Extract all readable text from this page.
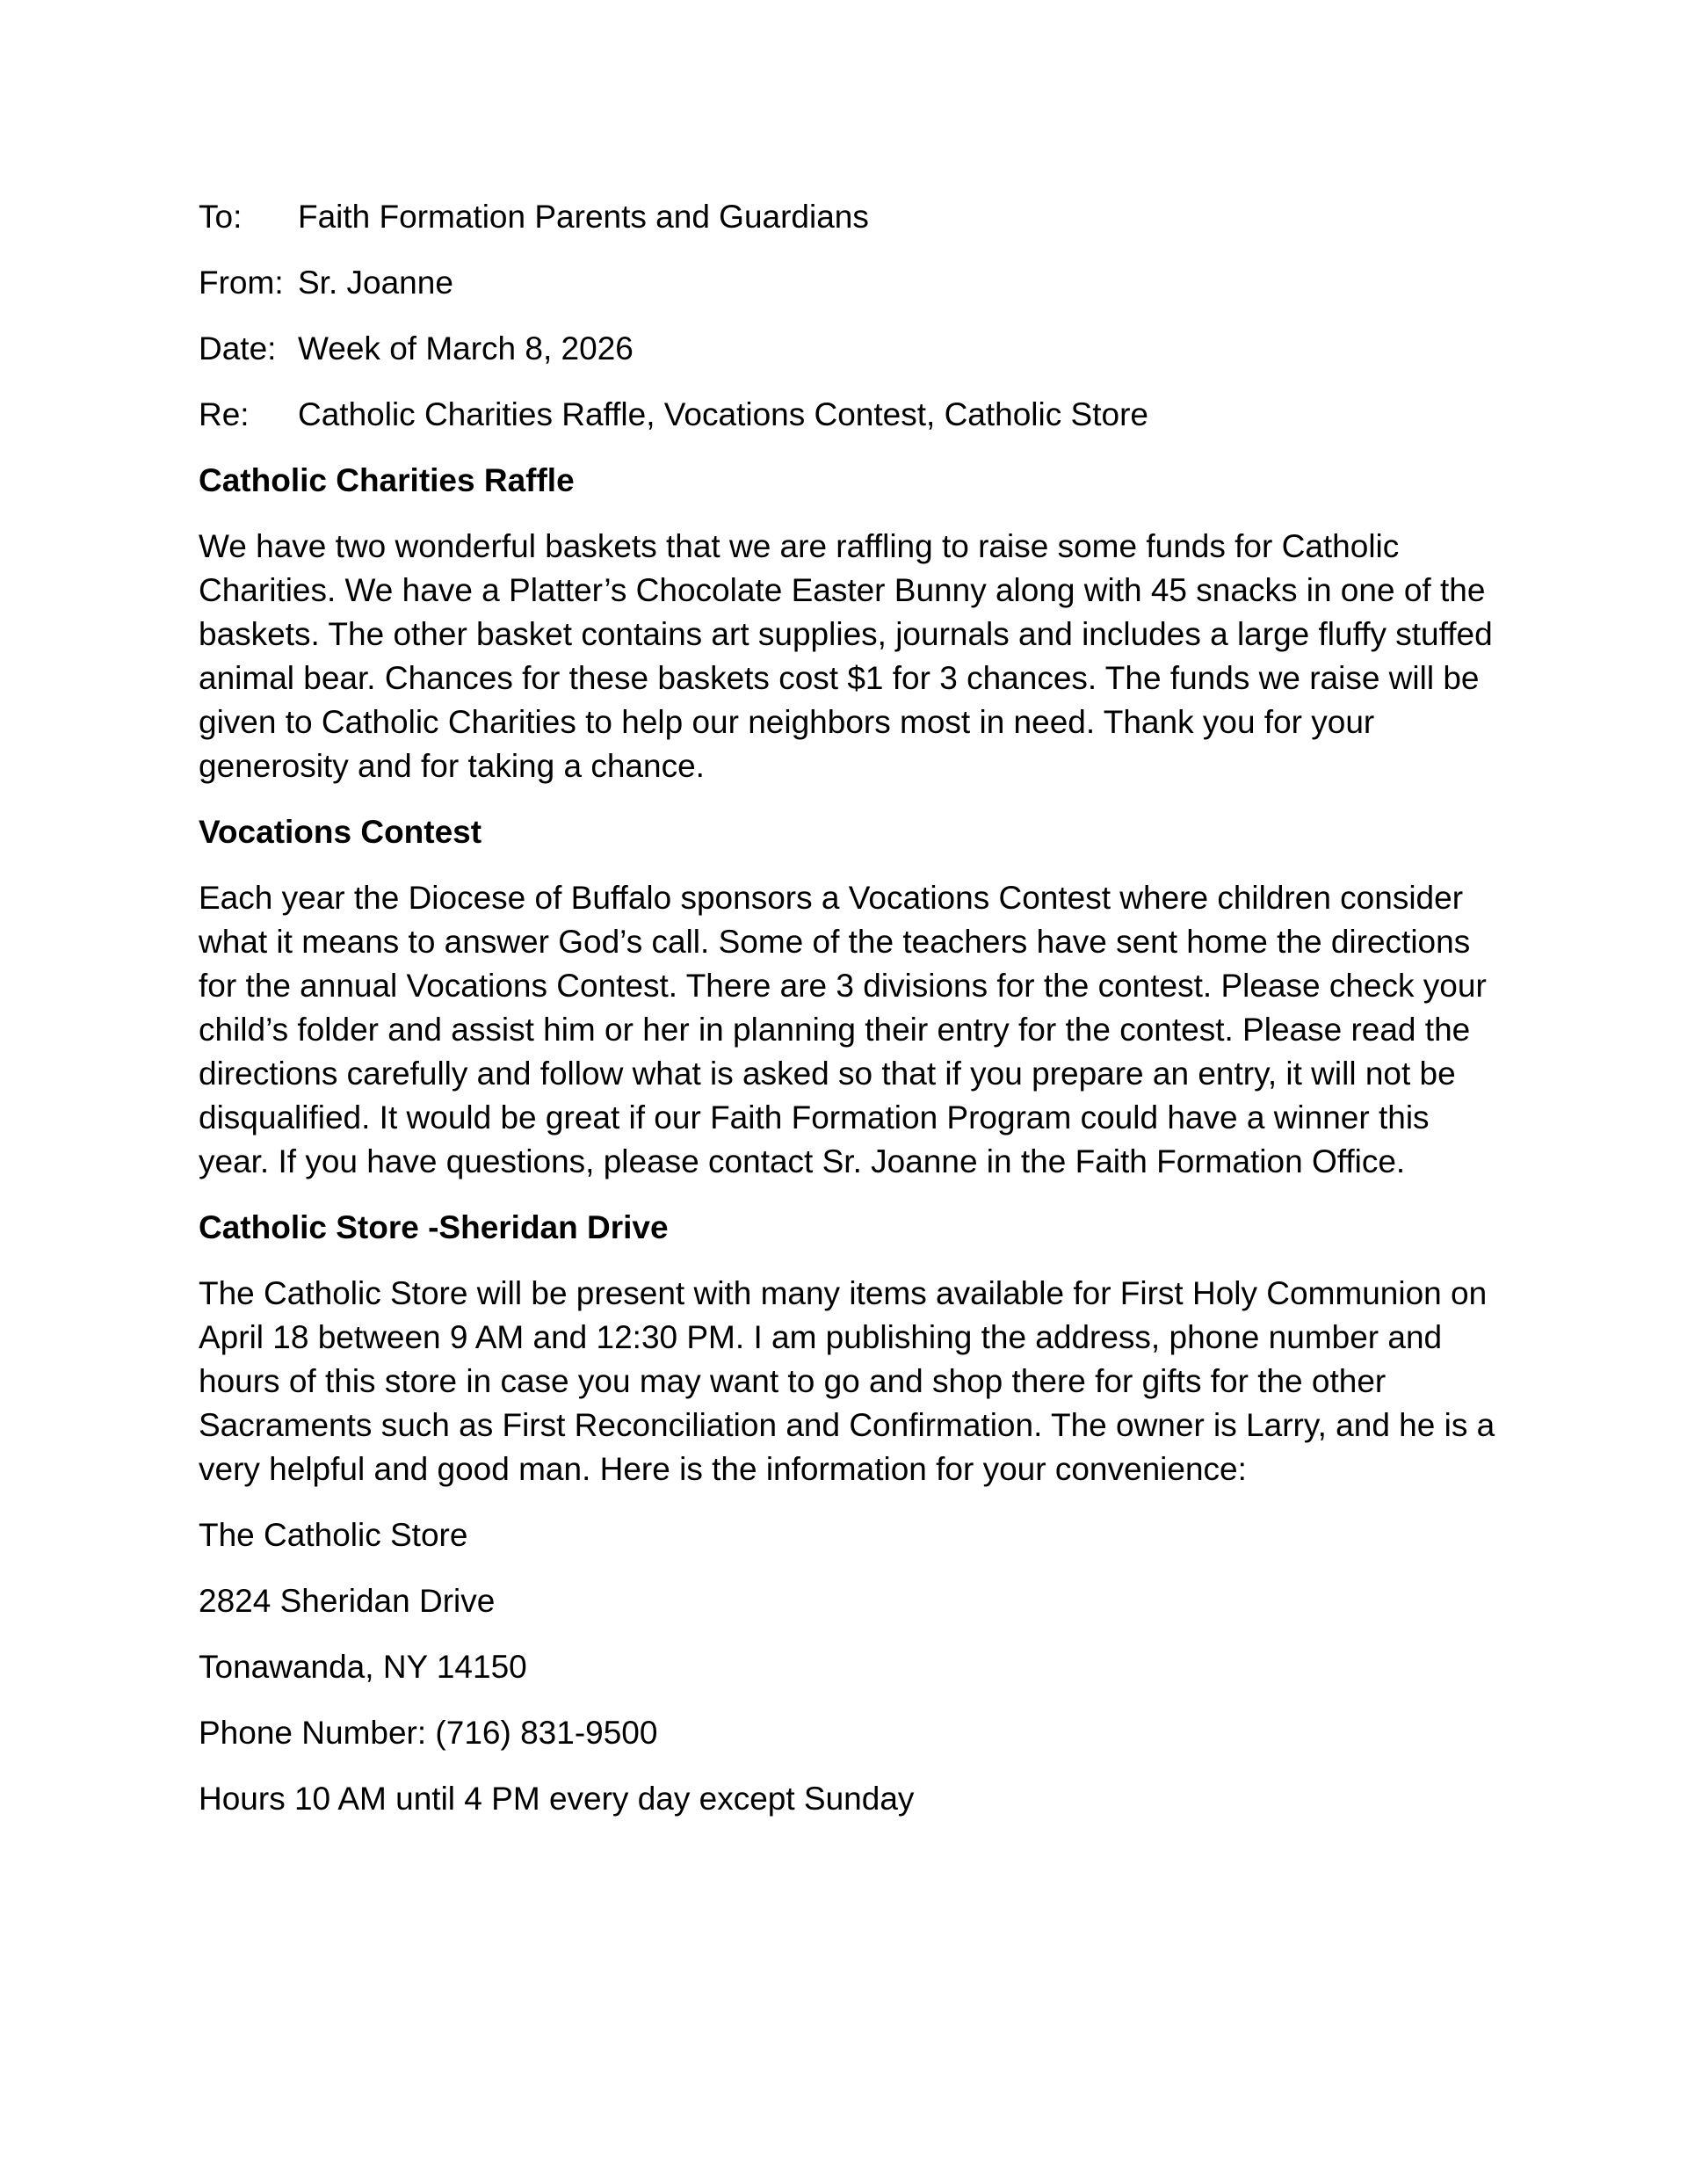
To:	Faith Formation Parents and Guardians
From: Sr. Joanne
Date: Week of March 8, 2026
Re:	Catholic Charities Raffle, Vocations Contest, Catholic Store
Catholic Charities Raffle
We have two wonderful baskets that we are raffling to raise some funds for Catholic Charities. We have a Platter’s Chocolate Easter Bunny along with 45 snacks in one of the baskets. The other basket contains art supplies, journals and includes a large fluffy stuffed animal bear. Chances for these baskets cost $1 for 3 chances. The funds we raise will be given to Catholic Charities to help our neighbors most in need. Thank you for your generosity and for taking a chance.
Vocations Contest
Each year the Diocese of Buffalo sponsors a Vocations Contest where children consider what it means to answer God’s call. Some of the teachers have sent home the directions for the annual Vocations Contest. There are 3 divisions for the contest. Please check your child’s folder and assist him or her in planning their entry for the contest. Please read the directions carefully and follow what is asked so that if you prepare an entry, it will not be disqualified. It would be great if our Faith Formation Program could have a winner this year. If you have questions, please contact Sr. Joanne in the Faith Formation Office.
Catholic Store -Sheridan Drive
The Catholic Store will be present with many items available for First Holy Communion on April 18 between 9 AM and 12:30 PM. I am publishing the address, phone number and hours of this store in case you may want to go and shop there for gifts for the other Sacraments such as First Reconciliation and Confirmation. The owner is Larry, and he is a very helpful and good man. Here is the information for your convenience:
The Catholic Store
2824 Sheridan Drive
Tonawanda, NY 14150
Phone Number: (716) 831-9500
Hours 10 AM until 4 PM every day except Sunday
